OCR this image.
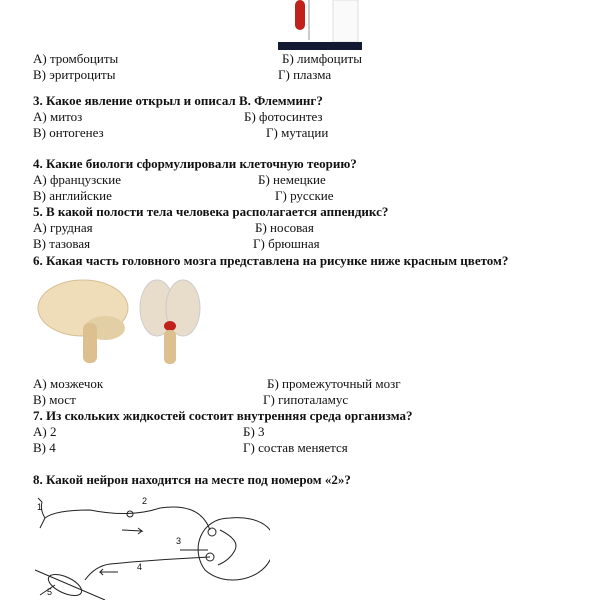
А) тромбоциты	Б) лимфоциты
В) эритроциты	Г) плазма
3. Какое явление открыл и описал В. Флемминг?
А) митоз	Б) фотосинтез
В) онтогенез	Г) мутации
4. Какие биологи сформулировали клеточную теорию?
А) французские	Б) немецкие
В) английские	Г) русские
5. В какой полости тела человека располагается аппендикс?
А) грудная	Б) носовая
В) тазовая	Г) брюшная
6. Какая часть головного мозга представлена на рисунке ниже красным цветом?
А) мозжечок	Б) промежуточный мозг
В) мост	Г) гипоталамус
7. Из скольких жидкостей состоит внутренняя среда организма?
А) 2	Б) 3
В) 4	Г) состав меняется
8. Какой нейрон находится на месте под номером «2»?
1
2
3
4
5
